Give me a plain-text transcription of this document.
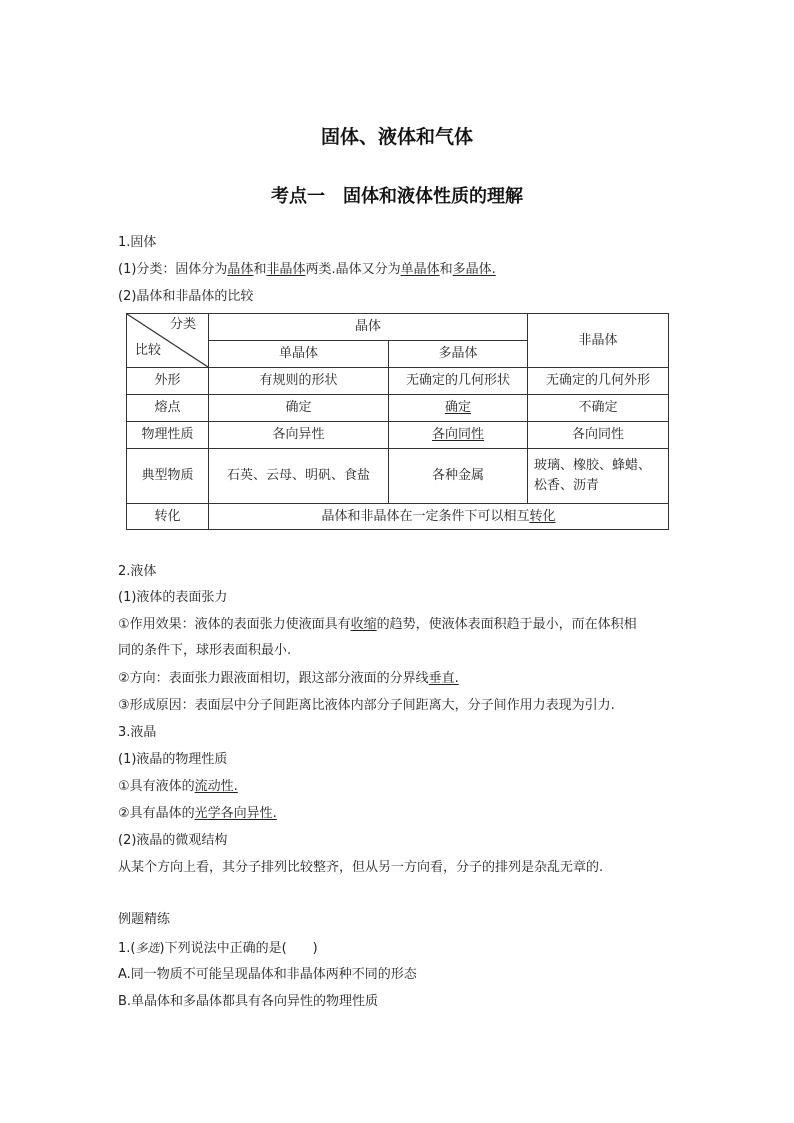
固体、液体和气体
考点一　固体和液体性质的理解
1.固体
(1)分类：固体分为晶体和非晶体两类.晶体又分为单晶体和多晶体.
(2)晶体和非晶体的比较
分类
比较	晶体		非晶体
	单晶体	多晶体	
外形	有规则的形状	无确定的几何形状	无确定的几何外形
熔点	确定	确定	不确定
物理性质	各向异性	各向同性	各向同性
典型物质	石英、云母、明矾、食盐	各种金属	玻璃、橡胶、蜂蜡、
松香、沥青

转化	晶体和非晶体在一定条件下可以相互转化		
2.液体
(1)液体的表面张力
①作用效果：液体的表面张力使液面具有收缩的趋势，使液体表面积趋于最小，而在体积相
同的条件下，球形表面积最小.
②方向：表面张力跟液面相切，跟这部分液面的分界线垂直.
③形成原因：表面层中分子间距离比液体内部分子间距离大，分子间作用力表现为引力.
3.液晶
(1)液晶的物理性质
①具有液体的流动性.
②具有晶体的光学各向异性.
(2)液晶的微观结构
从某个方向上看，其分子排列比较整齐，但从另一方向看，分子的排列是杂乱无章的.
例题精练
1.(多选)下列说法中正确的是(　　)
A.同一物质不可能呈现晶体和非晶体两种不同的形态
B.单晶体和多晶体都具有各向异性的物理性质
